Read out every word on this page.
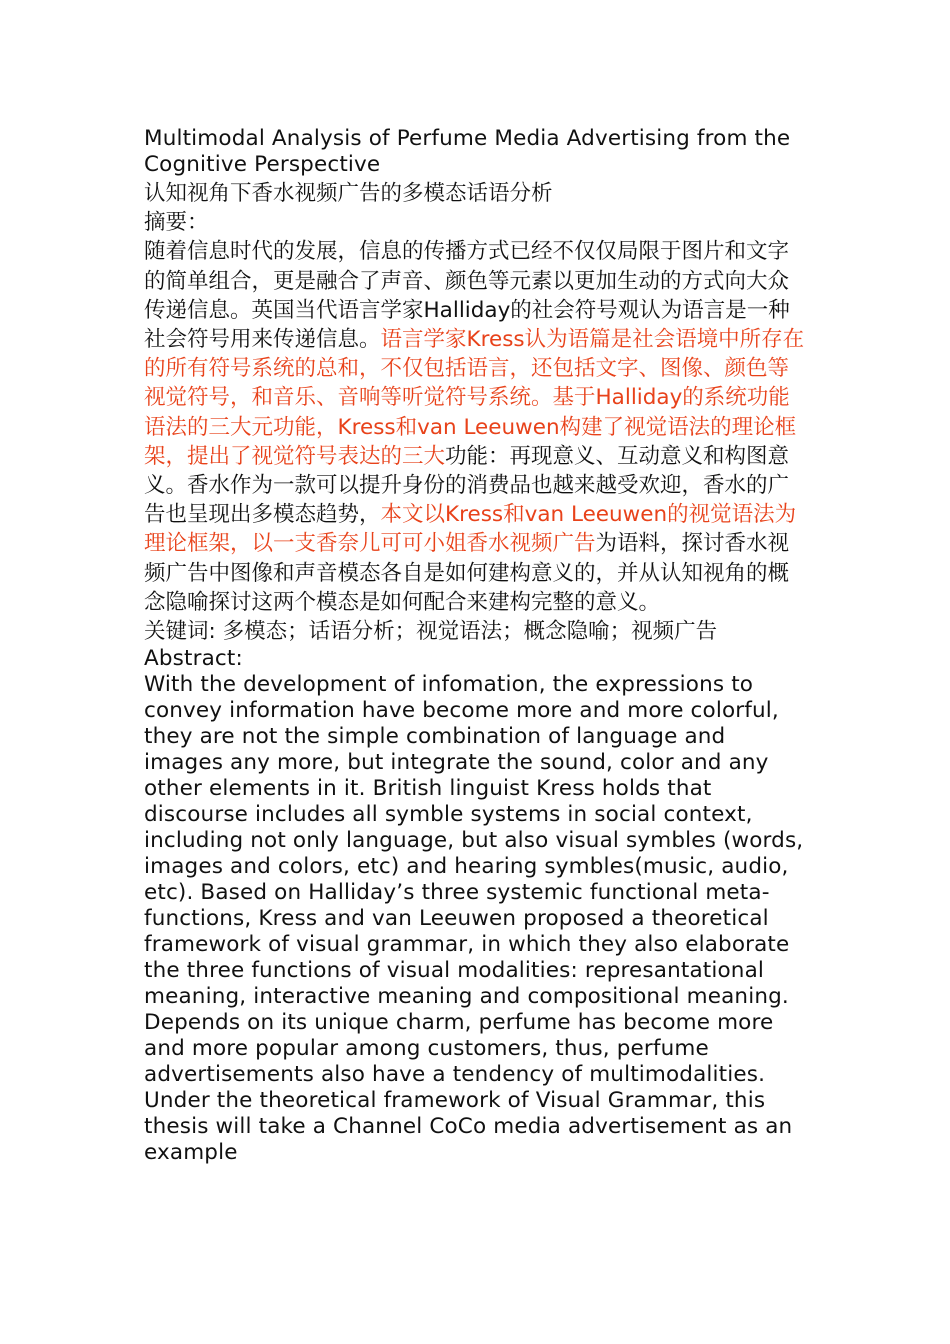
Multimodal Analysis of Perfume Media Advertising from the Cognitive Perspective

认知视角下香水视频广告的多模态话语分析

摘要：

随着信息时代的发展，信息的传播方式已经不仅仅局限于图片和文字的简单组合，更是融合了声音、颜色等元素以更加生动的方式向大众传递信息。英国当代语言学家Halliday的社会符号观认为语言是一种社会符号用来传递信息。语言学家Kress认为语篇是社会语境中所存在的所有符号系统的总和，不仅包括语言，还包括文字、图像、颜色等视觉符号，和音乐、音响等听觉符号系统。基于Halliday的系统功能语法的三大元功能，Kress和van Leeuwen构建了视觉语法的理论框架，提出了视觉符号表达的三大功能：再现意义、互动意义和构图意义。香水作为一款可以提升身份的消费品也越来越受欢迎，香水的广告也呈现出多模态趋势，本文以Kress和van Leeuwen的视觉语法为理论框架，以一支香奈儿可可小姐香水视频广告为语料，探讨香水视频广告中图像和声音模态各自是如何建构意义的，并从认知视角的概念隐喻探讨这两个模态是如何配合来建构完整的意义。

关键词: 多模态；话语分析；视觉语法；概念隐喻；视频广告

Abstract:

With the development of infomation, the expressions to convey information have become more and more colorful, they are not the simple combination of language and images any more, but integrate the sound, color and any other elements in it. British linguist Kress holds that discourse includes all symble systems in social context, including not only language, but also visual symbles (words, images and colors, etc) and hearing symbles(music, audio, etc). Based on Halliday’s three systemic functional meta-functions, Kress and van Leeuwen proposed a theoretical framework of visual grammar, in which they also elaborate the three functions of visual modalities: represantational meaning, interactive meaning and compositional meaning. Depends on its unique charm, perfume has become more and more popular among customers, thus, perfume advertisements also have a tendency of multimodalities. Under the theoretical framework of Visual Grammar, this thesis will take a Channel CoCo media advertisement as an example
